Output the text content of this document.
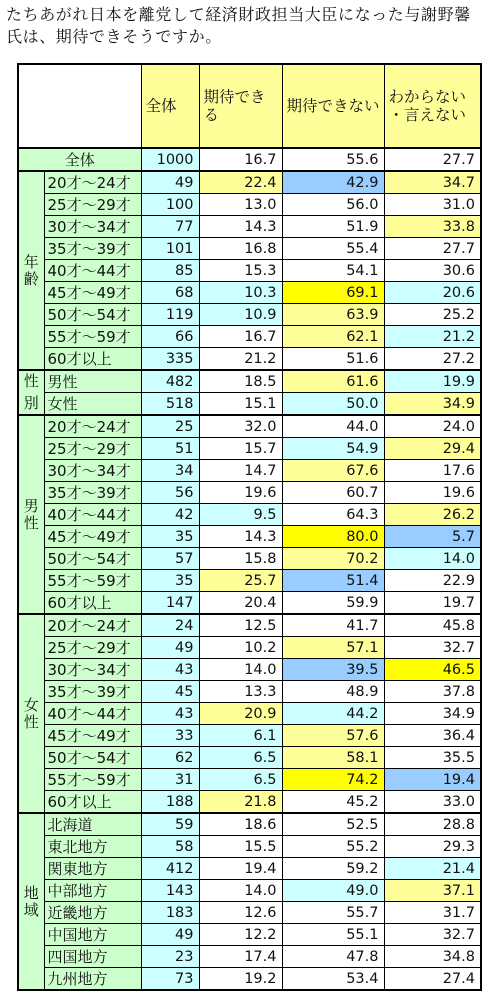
たちあがれ日本を離党して経済財政担当大臣になった与謝野馨
氏は、期待できそうですか。

		全体	期待でき
る	期待できない	わからない
・言えない

全体		1000	16.7	55.6	27.7
年齢	20才～24才	49	22.4	42.9	34.7
	25才～29才	100	13.0	56.0	31.0
	30才～34才	77	14.3	51.9	33.8
	35才～39才	101	16.8	55.4	27.7
	40才～44才	85	15.3	54.1	30.6
	45才～49才	68	10.3	69.1	20.6
	50才～54才	119	10.9	63.9	25.2
	55才～59才	66	16.7	62.1	21.2
	60才以上	335	21.2	51.6	27.2
性別	男性	482	18.5	61.6	19.9
	女性	518	15.1	50.0	34.9
男性	20才～24才	25	32.0	44.0	24.0
	25才～29才	51	15.7	54.9	29.4
	30才～34才	34	14.7	67.6	17.6
	35才～39才	56	19.6	60.7	19.6
	40才～44才	42	9.5	64.3	26.2
	45才～49才	35	14.3	80.0	5.7
	50才～54才	57	15.8	70.2	14.0
	55才～59才	35	25.7	51.4	22.9
	60才以上	147	20.4	59.9	19.7
女性	20才～24才	24	12.5	41.7	45.8
	25才～29才	49	10.2	57.1	32.7
	30才～34才	43	14.0	39.5	46.5
	35才～39才	45	13.3	48.9	37.8
	40才～44才	43	20.9	44.2	34.9
	45才～49才	33	6.1	57.6	36.4
	50才～54才	62	6.5	58.1	35.5
	55才～59才	31	6.5	74.2	19.4
	60才以上	188	21.8	45.2	33.0
地域	北海道	59	18.6	52.5	28.8
	東北地方	58	15.5	55.2	29.3
	関東地方	412	19.4	59.2	21.4
	中部地方	143	14.0	49.0	37.1
	近畿地方	183	12.6	55.7	31.7
	中国地方	49	12.2	55.1	32.7
	四国地方	23	17.4	47.8	34.8
	九州地方	73	19.2	53.4	27.4
